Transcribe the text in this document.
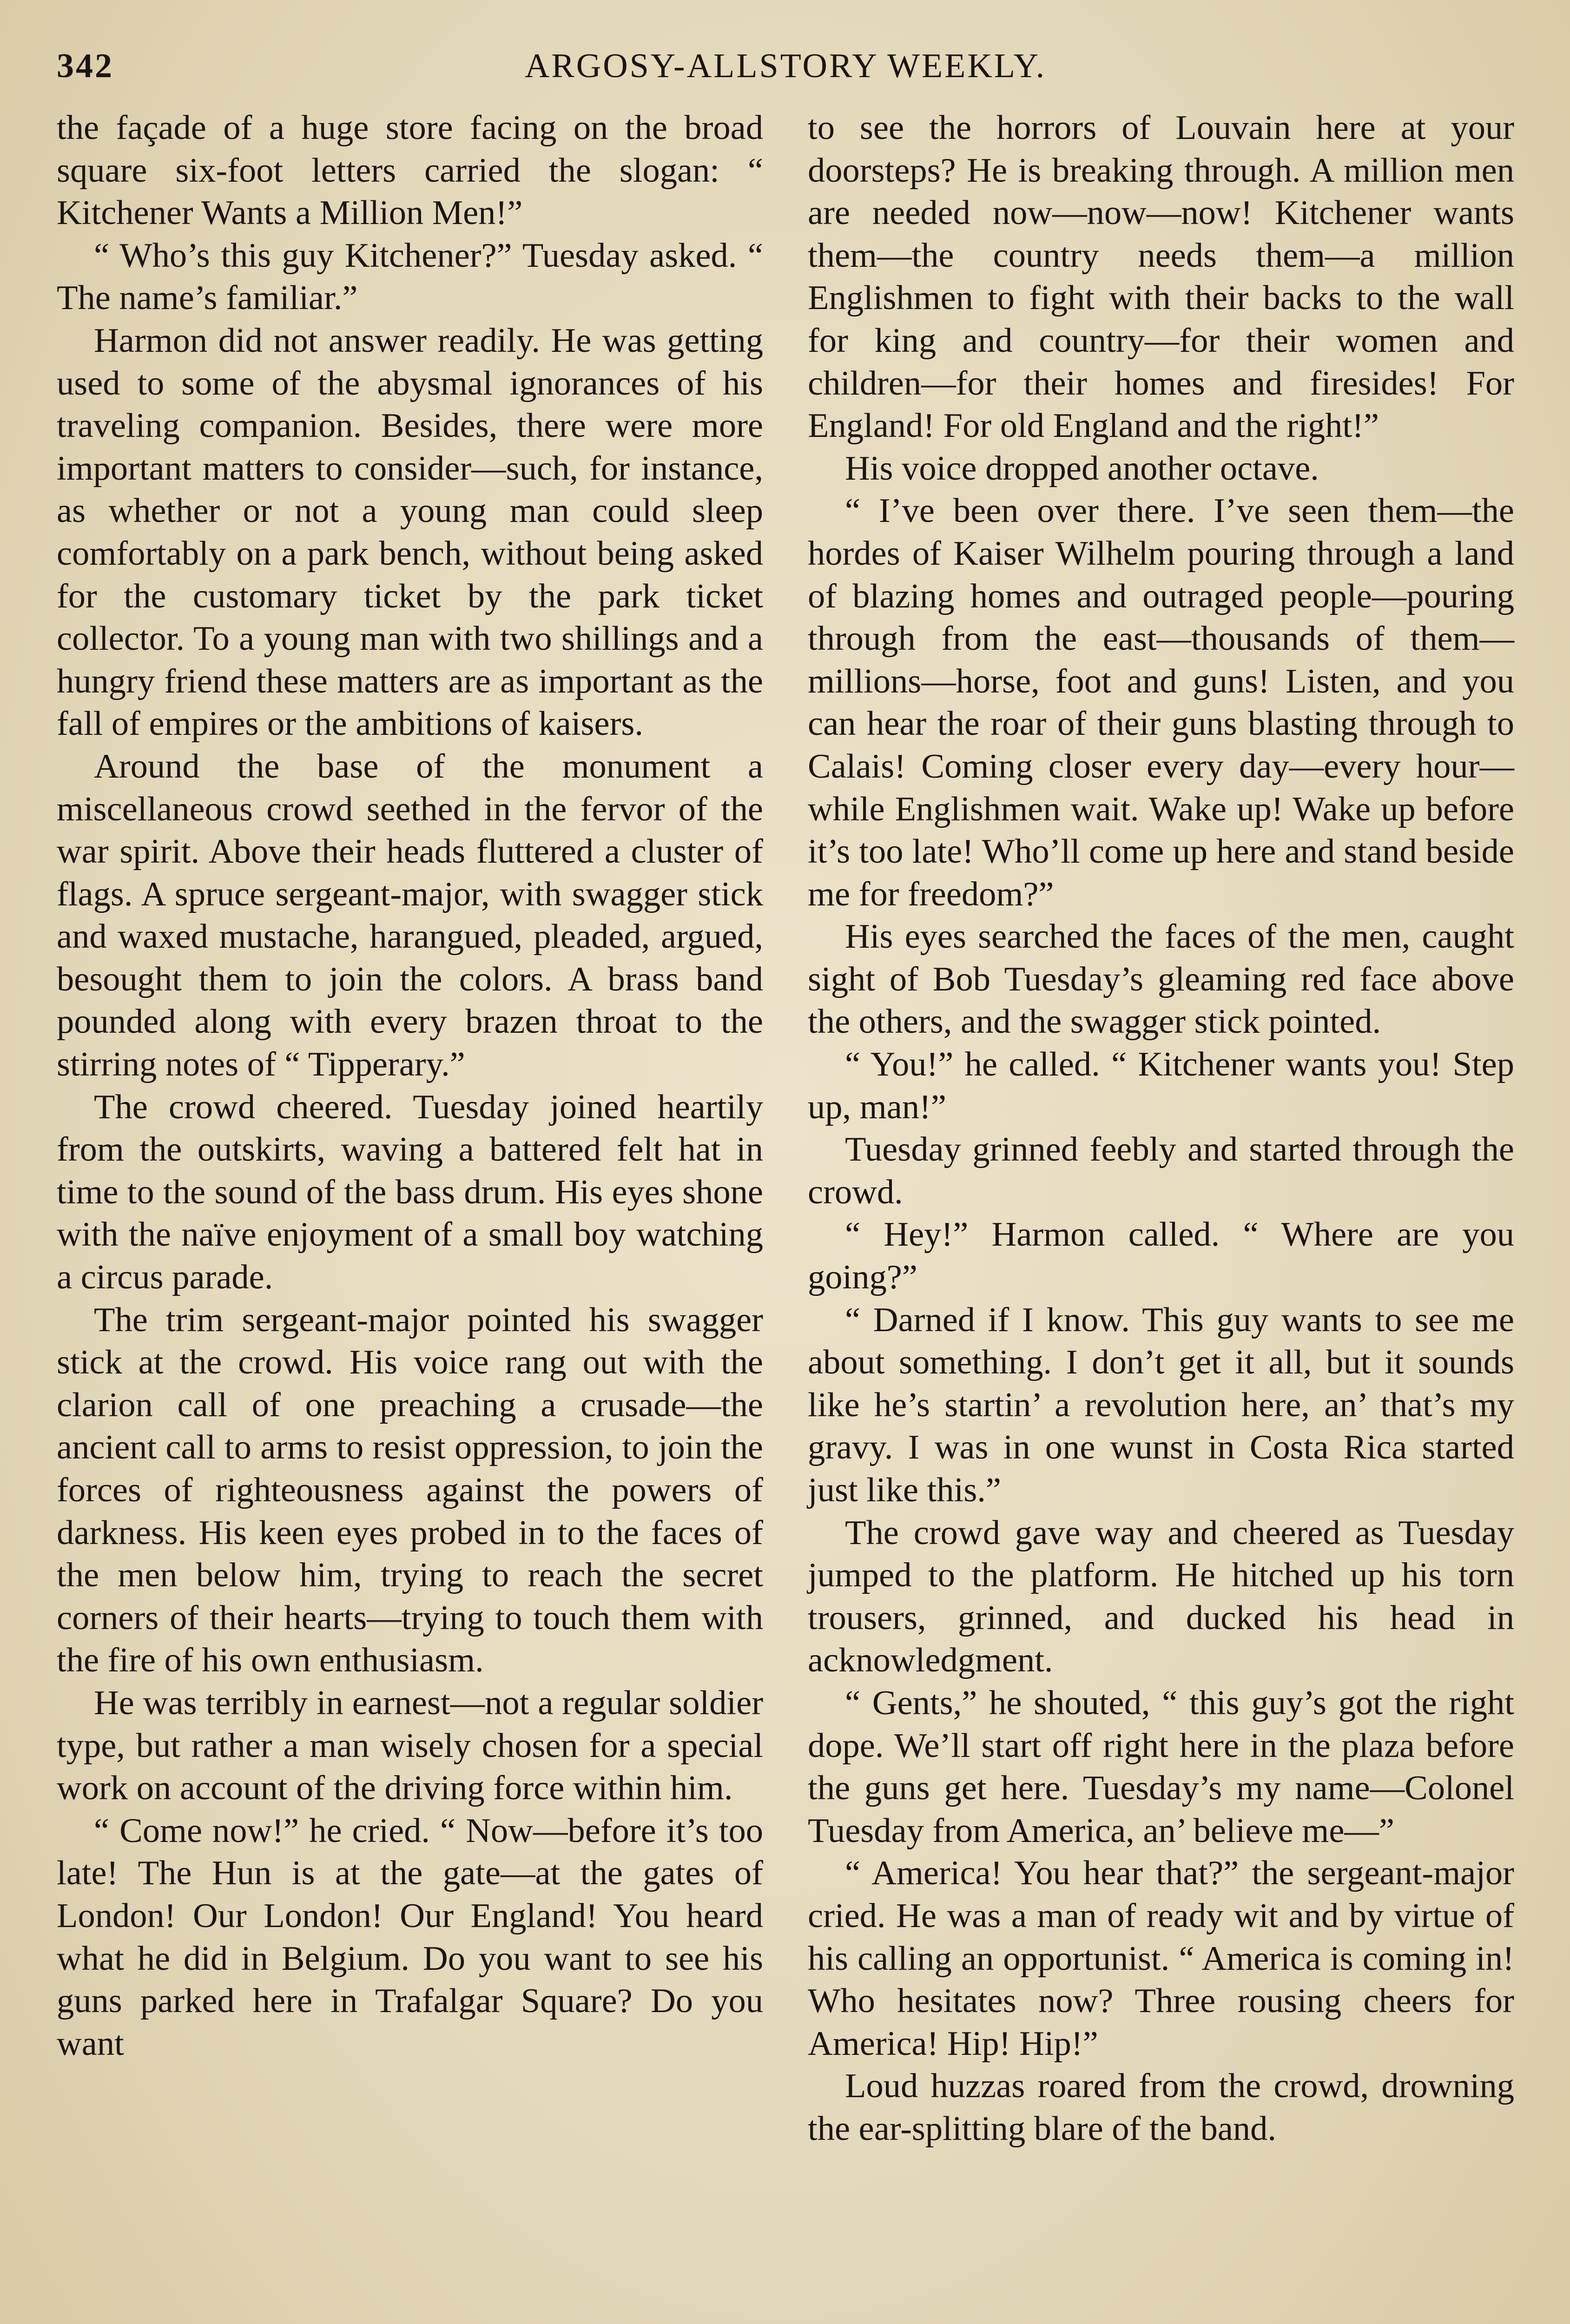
342	ARGOSY-ALLSTORY WEEKLY.

the façade of a huge store facing on the broad square six-foot letters carried the slogan: “ Kitchener Wants a Million Men!”

“ Who’s this guy Kitchener?” Tuesday asked. “ The name’s familiar.”

Harmon did not answer readily. He was getting used to some of the abysmal ignorances of his traveling companion. Besides, there were more important matters to consider—such, for instance, as whether or not a young man could sleep comfortably on a park bench, without being asked for the customary ticket by the park ticket collector. To a young man with two shillings and a hungry friend these matters are as important as the fall of empires or the ambitions of kaisers.

Around the base of the monument a miscellaneous crowd seethed in the fervor of the war spirit. Above their heads fluttered a cluster of flags. A spruce sergeant-major, with swagger stick and waxed mustache, harangued, pleaded, argued, besought them to join the colors. A brass band pounded along with every brazen throat to the stirring notes of “ Tipperary.”

The crowd cheered. Tuesday joined heartily from the outskirts, waving a battered felt hat in time to the sound of the bass drum. His eyes shone with the naïve enjoyment of a small boy watching a circus parade.

The trim sergeant-major pointed his swagger stick at the crowd. His voice rang out with the clarion call of one preaching a crusade—the ancient call to arms to resist oppression, to join the forces of righteousness against the powers of darkness. His keen eyes probed in to the faces of the men below him, trying to reach the secret corners of their hearts—trying to touch them with the fire of his own enthusiasm.

He was terribly in earnest—not a regular soldier type, but rather a man wisely chosen for a special work on account of the driving force within him.

“ Come now!” he cried. “ Now—before it’s too late! The Hun is at the gate—at the gates of London! Our London! Our England! You heard what he did in Belgium. Do you want to see his guns parked here in Trafalgar Square? Do you want

to see the horrors of Louvain here at your doorsteps? He is breaking through. A million men are needed now—now—now! Kitchener wants them—the country needs them—a million Englishmen to fight with their backs to the wall for king and country—for their women and children—for their homes and firesides! For England! For old England and the right!”

His voice dropped another octave.

“ I’ve been over there. I’ve seen them—the hordes of Kaiser Wilhelm pouring through a land of blazing homes and outraged people—pouring through from the east—thousands of them—millions—horse, foot and guns! Listen, and you can hear the roar of their guns blasting through to Calais! Coming closer every day—every hour—while Englishmen wait. Wake up! Wake up before it’s too late! Who’ll come up here and stand beside me for freedom?”

His eyes searched the faces of the men, caught sight of Bob Tuesday’s gleaming red face above the others, and the swagger stick pointed.

“ You!” he called. “ Kitchener wants you! Step up, man!”

Tuesday grinned feebly and started through the crowd.

“ Hey!” Harmon called. “ Where are you going?”

“ Darned if I know. This guy wants to see me about something. I don’t get it all, but it sounds like he’s startin’ a revolution here, an’ that’s my gravy. I was in one wunst in Costa Rica started just like this.”

The crowd gave way and cheered as Tuesday jumped to the platform. He hitched up his torn trousers, grinned, and ducked his head in acknowledgment.

“ Gents,” he shouted, “ this guy’s got the right dope. We’ll start off right here in the plaza before the guns get here. Tuesday’s my name—Colonel Tuesday from America, an’ believe me—”

“ America! You hear that?” the sergeant-major cried. He was a man of ready wit and by virtue of his calling an opportunist. “ America is coming in! Who hesitates now? Three rousing cheers for America! Hip! Hip!”

Loud huzzas roared from the crowd, drowning the ear-splitting blare of the band.
